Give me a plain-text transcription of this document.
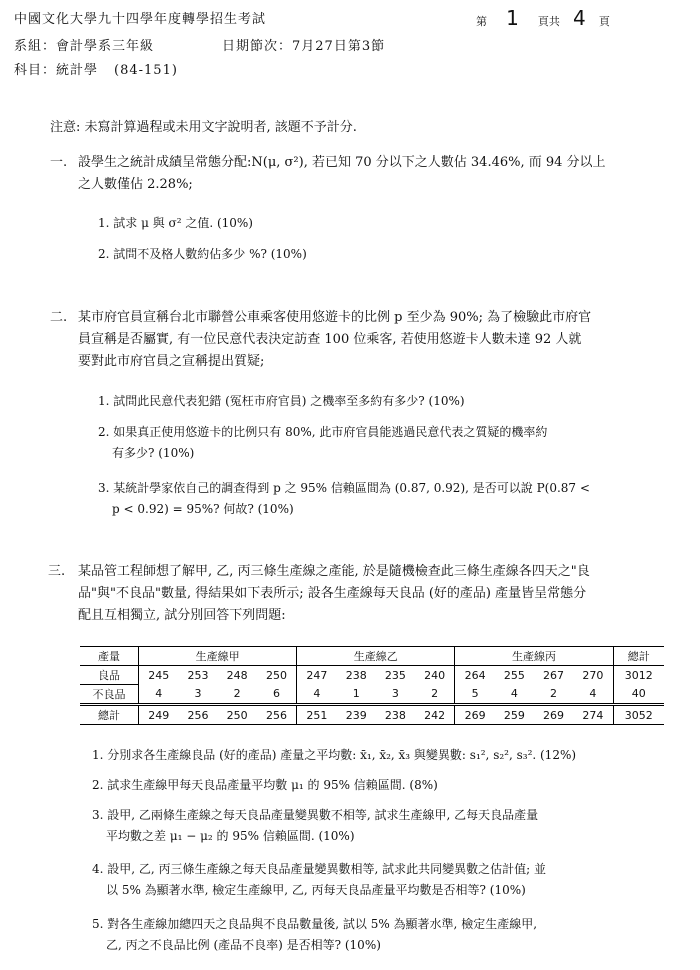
中國文化大學九十四學年度轉學招生考試	第 1 頁共 4 頁
系組：會計學系三年級	日期節次：7月27日第3節
科目：統計學 (84-151)
注意: 未寫計算過程或未用文字說明者, 該題不予計分.
一. 設學生之統計成績呈常態分配:N(μ, σ²), 若已知 70 分以下之人數佔 34.46%, 而 94 分以上
之人數僅佔 2.28%;
1. 試求 μ 與 σ² 之值. (10%)
2. 試問不及格人數約佔多少 %? (10%)
二. 某市府官員宣稱台北市聯營公車乘客使用悠遊卡的比例 p 至少為 90%; 為了檢驗此市府官
員宣稱是否屬實, 有一位民意代表決定訪查 100 位乘客, 若使用悠遊卡人數未達 92 人就
要對此市府官員之宣稱提出質疑;
1. 試問此民意代表犯錯 (冤枉市府官員) 之機率至多約有多少? (10%)
2. 如果真正使用悠遊卡的比例只有 80%, 此市府官員能逃過民意代表之質疑的機率約
有多少? (10%)
3. 某統計學家依自己的調查得到 p 之 95% 信賴區間為 (0.87, 0.92), 是否可以說 P(0.87 <
p < 0.92) = 95%? 何故? (10%)
三. 某品管工程師想了解甲, 乙, 丙三條生產線之產能, 於是隨機檢查此三條生產線各四天之"良
品"與"不良品"數量, 得結果如下表所示; 設各生產線每天良品 (好的產品) 產量皆呈常態分
配且互相獨立, 試分別回答下列問題:
產量	生產線甲				生產線乙				生產線丙				總計
良品	245	253	248	250	247	238	235	240	264	255	267	270	3012
不良品	4	3	2	6	4	1	3	2	5	4	2	4	40
總計	249	256	250	256	251	239	238	242	269	259	269	274	3052
1. 分別求各生產線良品 (好的產品) 產量之平均數: x̄₁, x̄₂, x̄₃ 與變異數: s₁², s₂², s₃². (12%)
2. 試求生產線甲每天良品產量平均數 μ₁ 的 95% 信賴區間. (8%)
3. 設甲, 乙兩條生產線之每天良品產量變異數不相等, 試求生產線甲, 乙每天良品產量
平均數之差 μ₁ − μ₂ 的 95% 信賴區間. (10%)
4. 設甲, 乙, 丙三條生產線之每天良品產量變異數相等, 試求此共同變異數之估計值; 並
以 5% 為顯著水準, 檢定生產線甲, 乙, 丙每天良品產量平均數是否相等? (10%)
5. 對各生產線加總四天之良品與不良品數量後, 試以 5% 為顯著水準, 檢定生產線甲,
乙, 丙之不良品比例 (產品不良率) 是否相等? (10%)
